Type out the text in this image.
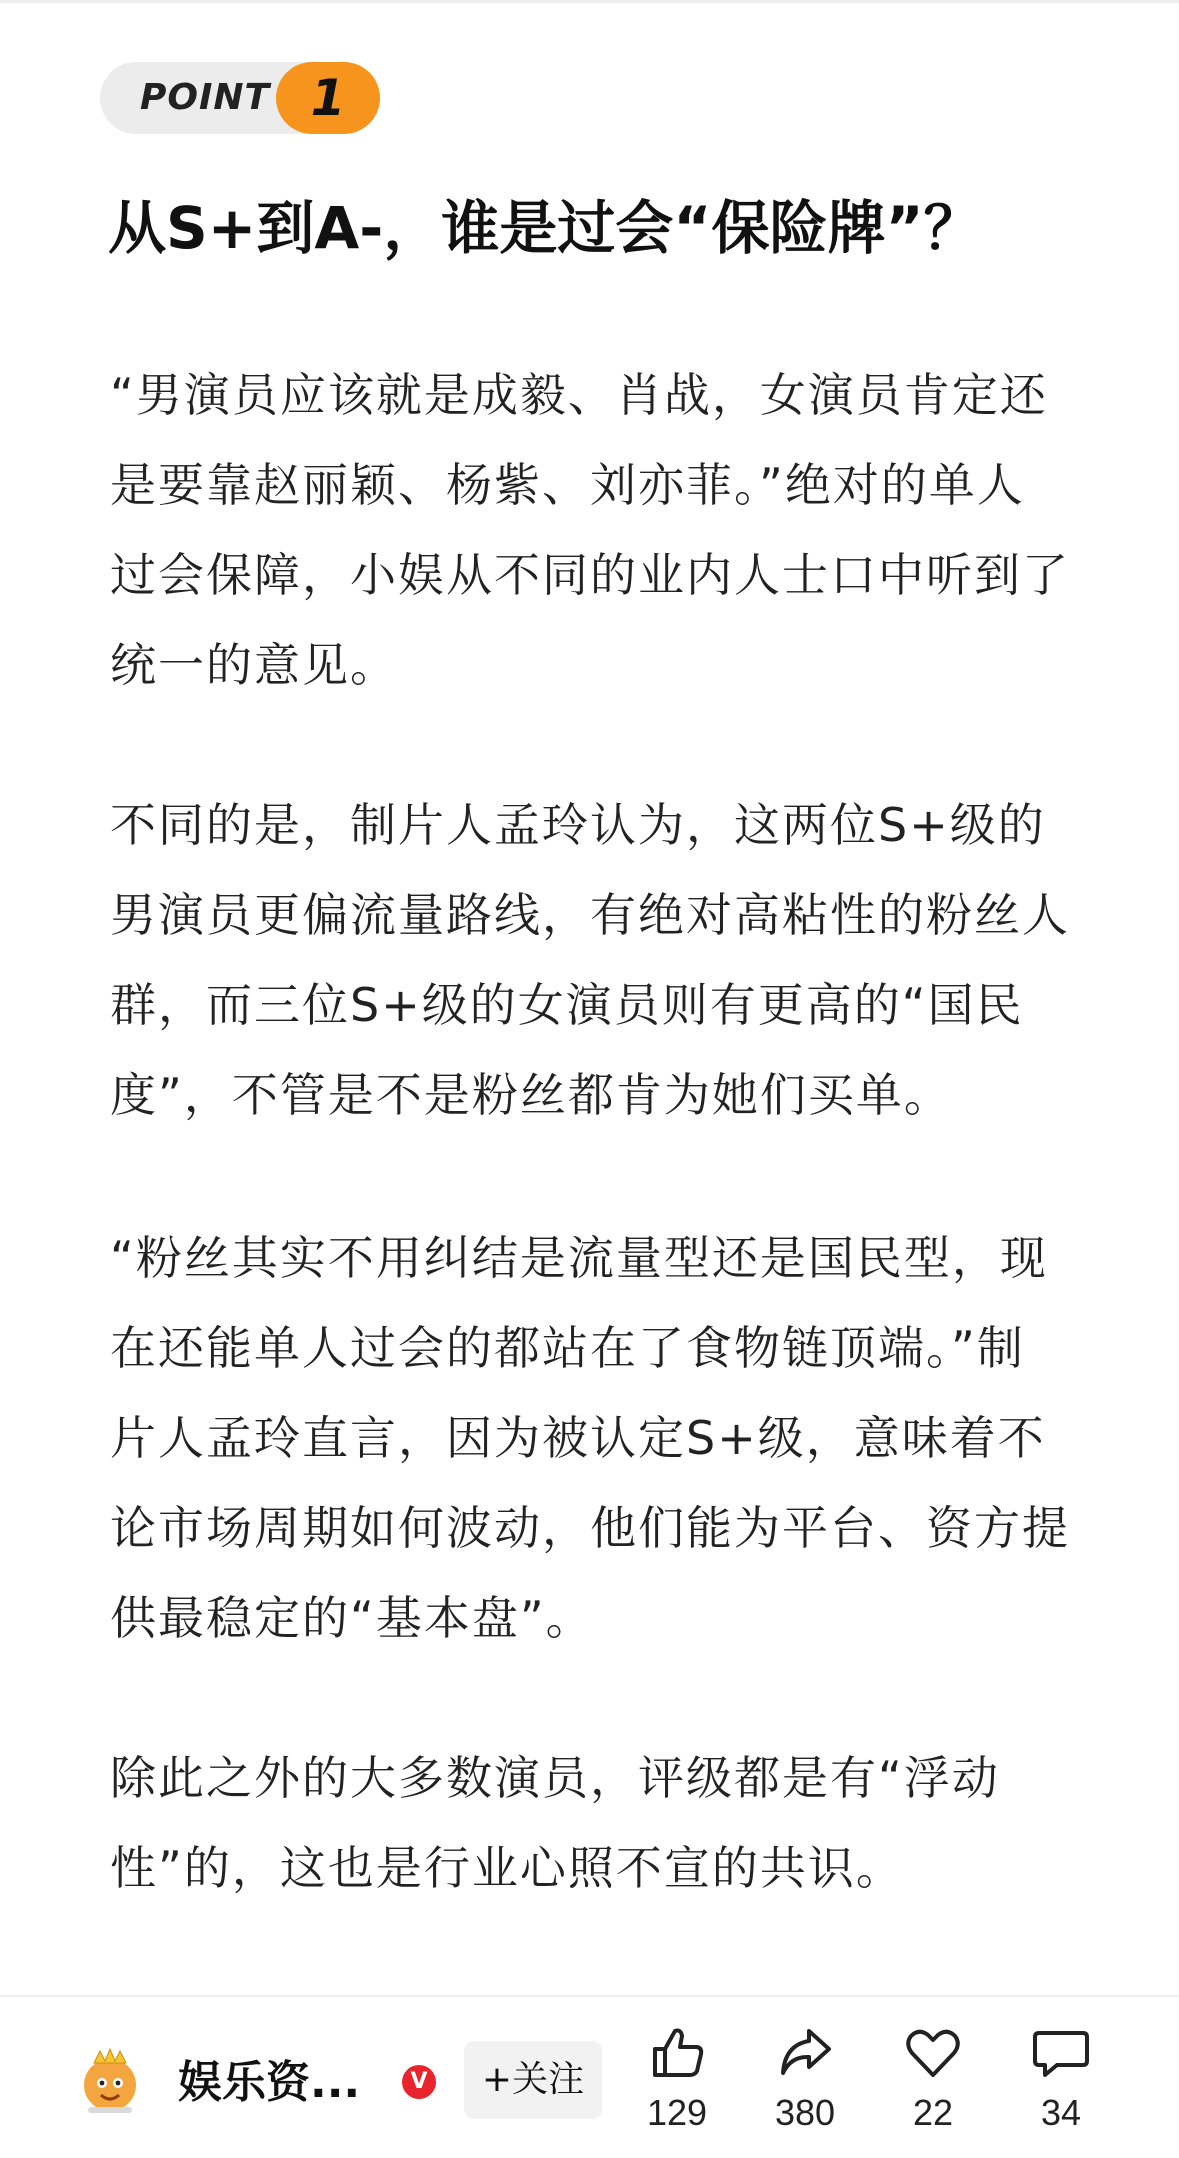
POINT 1
从S+到A-，谁是过会“保险牌”？

“男演员应该就是成毅、肖战，女演员肯定还是要靠赵丽颖、杨紫、刘亦菲。”绝对的单人过会保障，小娱从不同的业内人士口中听到了统一的意见。

不同的是，制片人孟玲认为，这两位S+级的男演员更偏流量路线，有绝对高粘性的粉丝人群，而三位S+级的女演员则有更高的“国民度”，不管是不是粉丝都肯为她们买单。

“粉丝其实不用纠结是流量型还是国民型，现在还能单人过会的都站在了食物链顶端。”制片人孟玲直言，因为被认定S+级，意味着不论市场周期如何波动，他们能为平台、资方提供最稳定的“基本盘”。

除此之外的大多数演员，评级都是有“浮动性”的，这也是行业心照不宣的共识。

娱乐资...	V	+关注
129	380	22	34
